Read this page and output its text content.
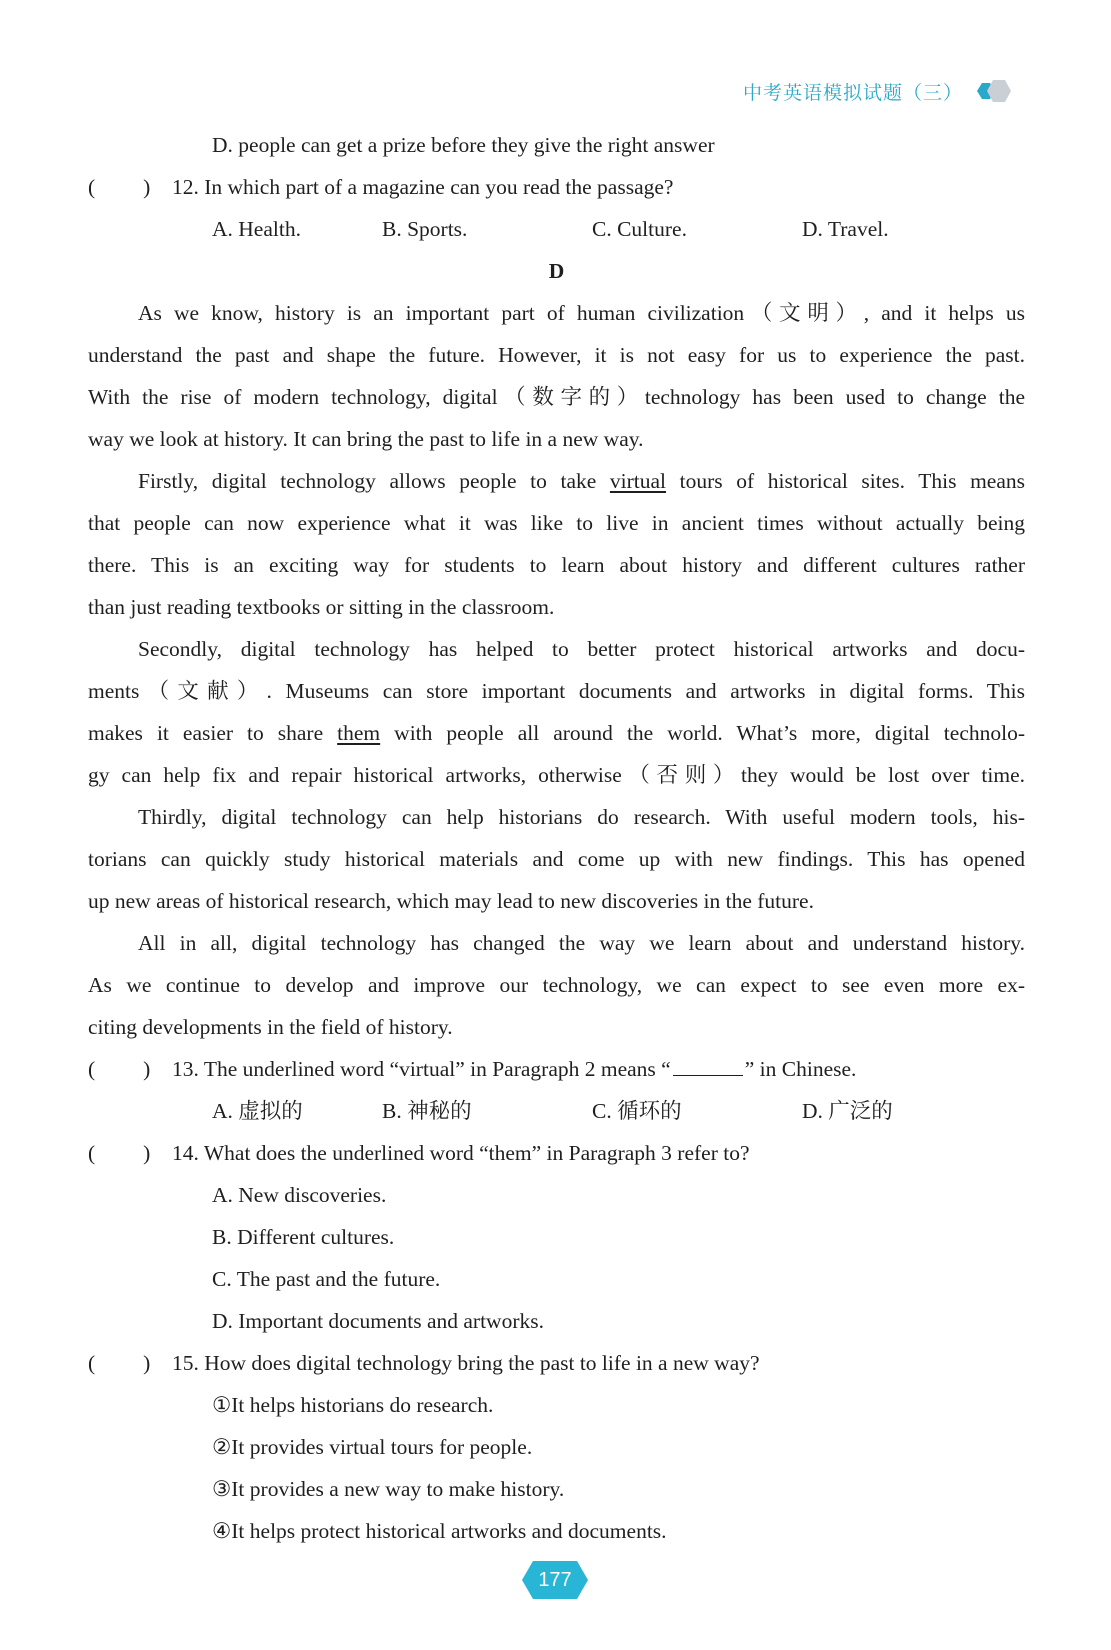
中考英语模拟试题（三）
D. people can get a prize before they give the right answer
( )	12. In which part of a magazine can you read the passage?
A. Health.	B. Sports.	C. Culture.	D. Travel.
D
As we know, history is an important part of human civilization（文明）, and it helps us
understand the past and shape the future. However, it is not easy for us to experience the past.
With the rise of modern technology, digital（数字的）technology has been used to change the
way we look at history. It can bring the past to life in a new way.
Firstly, digital technology allows people to take virtual tours of historical sites. This means
that people can now experience what it was like to live in ancient times without actually being
there. This is an exciting way for students to learn about history and different cultures rather
than just reading textbooks or sitting in the classroom.
Secondly, digital technology has helped to better protect historical artworks and docu-
ments（文献）. Museums can store important documents and artworks in digital forms. This
makes it easier to share them with people all around the world. What’s more, digital technolo-
gy can help fix and repair historical artworks, otherwise（否则）they would be lost over time.
Thirdly, digital technology can help historians do research. With useful modern tools, his-
torians can quickly study historical materials and come up with new findings. This has opened
up new areas of historical research, which may lead to new discoveries in the future.
All in all, digital technology has changed the way we learn about and understand history.
As we continue to develop and improve our technology, we can expect to see even more ex-
citing developments in the field of history.
( )	13. The underlined word “virtual” in Paragraph 2 means “	” in Chinese.
A. 虚拟的	B. 神秘的	C. 循环的	D. 广泛的
( )	14. What does the underlined word “them” in Paragraph 3 refer to?
A. New discoveries.
B. Different cultures.
C. The past and the future.
D. Important documents and artworks.
( )	15. How does digital technology bring the past to life in a new way?
①It helps historians do research.
②It provides virtual tours for people.
③It provides a new way to make history.
④It helps protect historical artworks and documents.
177
